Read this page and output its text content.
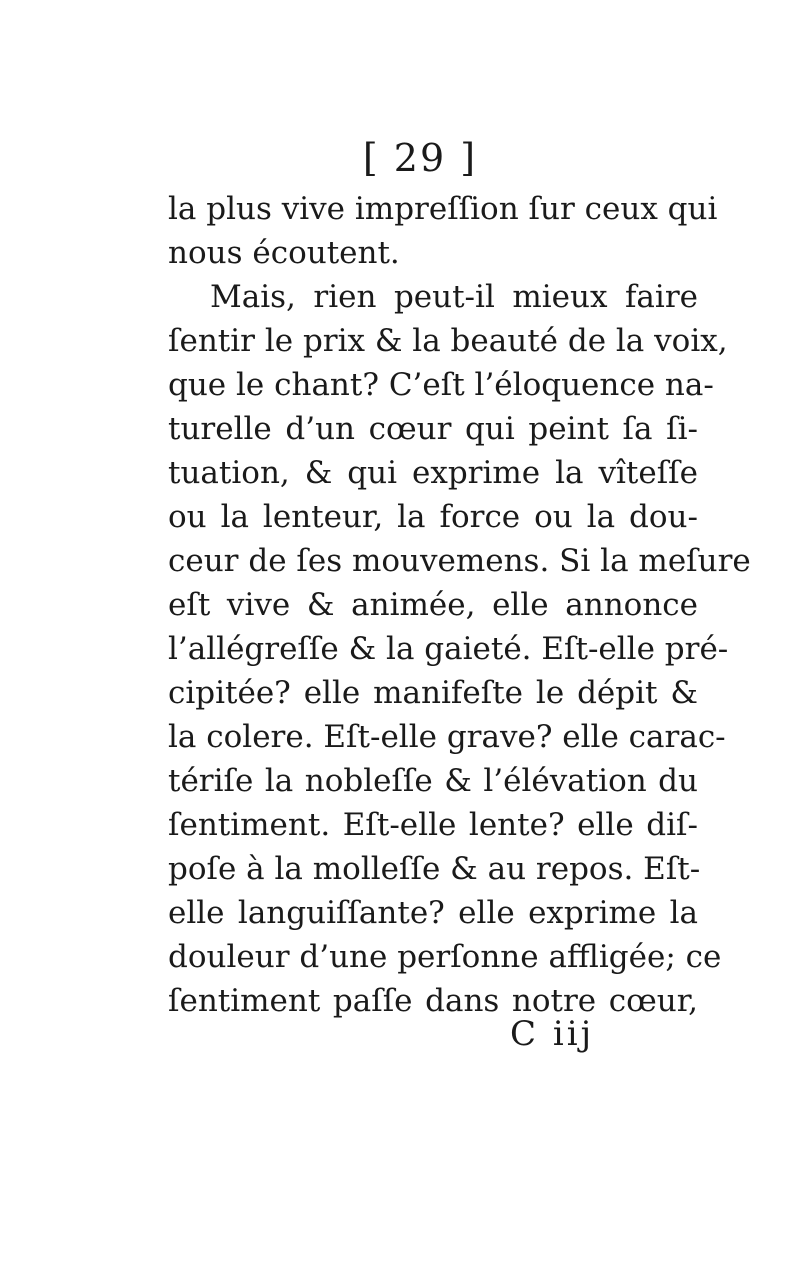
[ 29 ]
la plus vive impreſſion ſur ceux qui
nous écoutent.
Mais, rien peut-il mieux faire
ſentir le prix & la beauté de la voix,
que le chant? C’eſt l’éloquence na-
turelle d’un cœur qui peint ſa ſi-
tuation, & qui exprime la vîteſſe
ou la lenteur, la force ou la dou-
ceur de ſes mouvemens. Si la meſure
eſt vive & animée, elle annonce
l’allégreſſe & la gaieté. Eſt-elle pré-
cipitée? elle manifeſte le dépit &
la colere. Eſt-elle grave? elle carac-
tériſe la nobleſſe & l’élévation du
ſentiment. Eſt-elle lente? elle diſ-
poſe à la molleſſe & au repos. Eſt-
elle languiſſante? elle exprime la
douleur d’une perſonne affligée; ce
ſentiment paſſe dans notre cœur,
C iij
